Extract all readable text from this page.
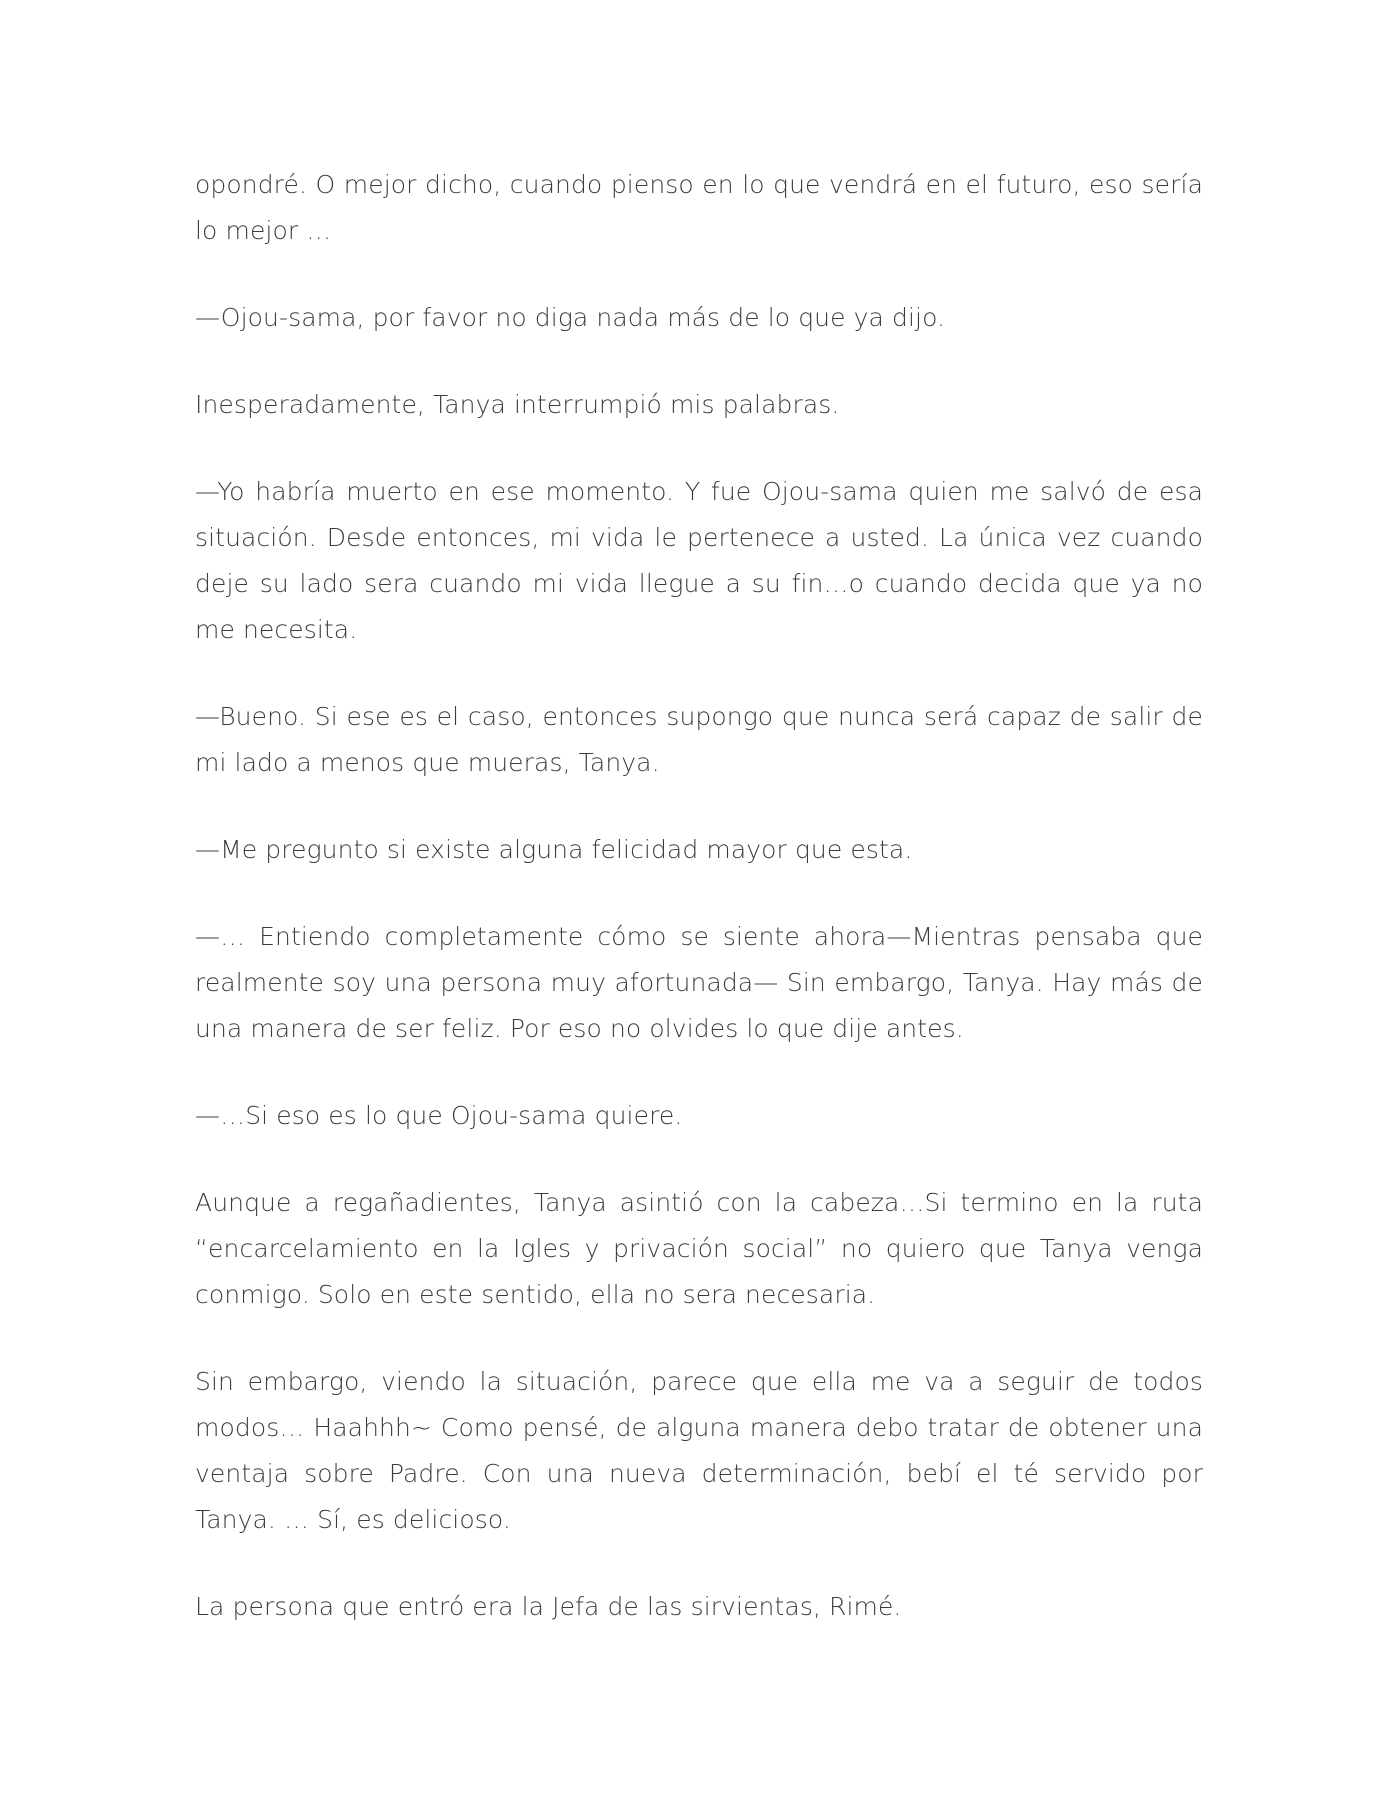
opondré. O mejor dicho, cuando pienso en lo que vendrá en el futuro, eso sería lo mejor …

—Ojou-sama, por favor no diga nada más de lo que ya dijo.

Inesperadamente, Tanya interrumpió mis palabras.

—Yo habría muerto en ese momento. Y fue Ojou-sama quien me salvó de esa situación. Desde entonces, mi vida le pertenece a usted. La única vez cuando deje su lado sera cuando mi vida llegue a su fin…o cuando decida que ya no me necesita.

—Bueno. Si ese es el caso, entonces supongo que nunca será capaz de salir de mi lado a menos que mueras, Tanya.

—Me pregunto si existe alguna felicidad mayor que esta.

—… Entiendo completamente cómo se siente ahora—Mientras pensaba que realmente soy una persona muy afortunada— Sin embargo, Tanya. Hay más de una manera de ser feliz. Por eso no olvides lo que dije antes.

—…Si eso es lo que Ojou-sama quiere.

Aunque a regañadientes, Tanya asintió con la cabeza…Si termino en la ruta “encarcelamiento en la Igles y privación social” no quiero que Tanya venga conmigo. Solo en este sentido, ella no sera necesaria.

Sin embargo, viendo la situación, parece que ella me va a seguir de todos modos… Haahhh~ Como pensé, de alguna manera debo tratar de obtener una ventaja sobre Padre. Con una nueva determinación, bebí el té servido por Tanya. … Sí, es delicioso.

La persona que entró era la Jefa de las sirvientas, Rimé.
